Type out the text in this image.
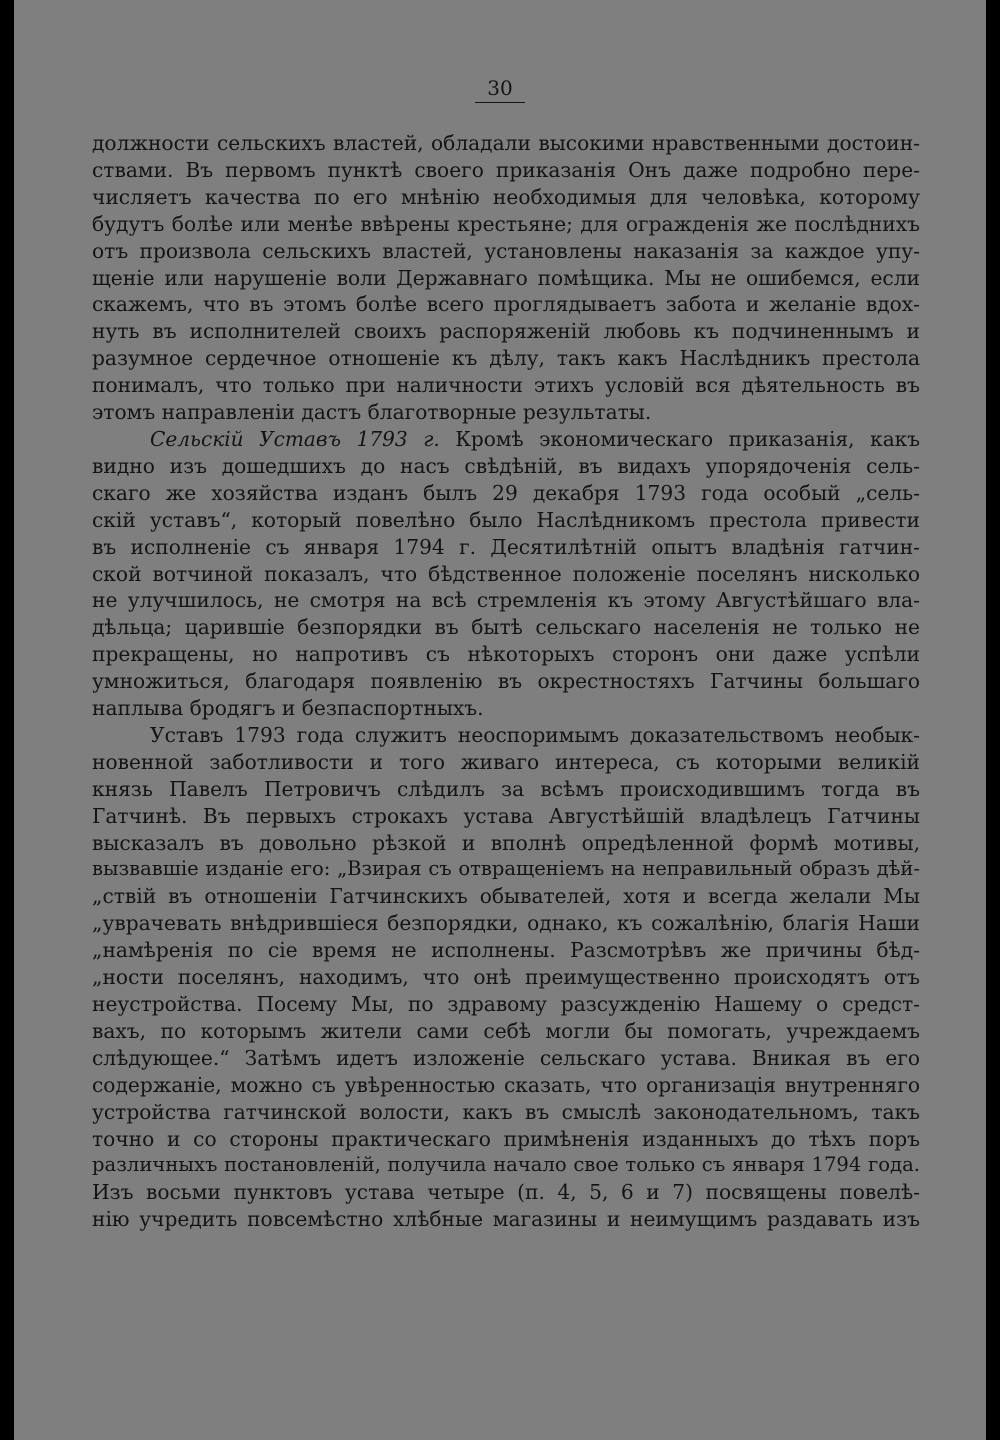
30
должности сельскихъ властей, обладали высокими нравственными достоин-
ствами. Въ первомъ пунктѣ своего приказанія Онъ даже подробно пере-
числяетъ качества по его мнѣнію необходимыя для человѣка, которому
будутъ болѣе или менѣе ввѣрены крестьяне; для огражденія же послѣднихъ
отъ произвола сельскихъ властей, установлены наказанія за каждое упу-
щеніе или нарушеніе воли Державнаго помѣщика. Мы не ошибемся, если
скажемъ, что въ этомъ болѣе всего проглядываетъ забота и желаніе вдох-
нуть въ исполнителей своихъ распоряженій любовь къ подчиненнымъ и
разумное сердечное отношеніе къ дѣлу, такъ какъ Наслѣдникъ престола
понималъ, что только при наличности этихъ условій вся дѣятельность въ
этомъ направленіи дастъ благотворные результаты.
Сельскій Уставъ 1793 г. Кромѣ экономическаго приказанія, какъ
видно изъ дошедшихъ до насъ свѣдѣній, въ видахъ упорядоченія сель-
скаго же хозяйства изданъ былъ 29 декабря 1793 года особый „сель-
скій уставъ“, который повелѣно было Наслѣдникомъ престола привести
въ исполненіе съ января 1794 г. Десятилѣтній опытъ владѣнія гатчин-
ской вотчиной показалъ, что бѣдственное положеніе поселянъ нисколько
не улучшилось, не смотря на всѣ стремленія къ этому Августѣйшаго вла-
дѣльца; царившіе безпорядки въ бытѣ сельскаго населенія не только не
прекращены, но напротивъ съ нѣкоторыхъ сторонъ они даже успѣли
умножиться, благодаря появленію въ окрестностяхъ Гатчины большаго
наплыва бродягъ и безпаспортныхъ.
Уставъ 1793 года служитъ неоспоримымъ доказательствомъ необык-
новенной заботливости и того живаго интереса, съ которыми великій
князь Павелъ Петровичъ слѣдилъ за всѣмъ происходившимъ тогда въ
Гатчинѣ. Въ первыхъ строкахъ устава Августѣйшій владѣлецъ Гатчины
высказалъ въ довольно рѣзкой и вполнѣ опредѣленной формѣ мотивы,
вызвавшіе изданіе его: „Взирая съ отвращеніемъ на неправильный образъ дѣй-
„ствій въ отношеніи Гатчинскихъ обывателей, хотя и всегда желали Мы
„уврачевать внѣдрившіеся безпорядки, однако, къ сожалѣнію, благія Наши
„намѣренія по сіе время не исполнены. Разсмотрѣвъ же причины бѣд-
„ности поселянъ, находимъ, что онѣ преимущественно происходятъ отъ
неустройства. Посему Мы, по здравому разсужденію Нашему о средст-
вахъ, по которымъ жители сами себѣ могли бы помогать, учреждаемъ
слѣдующее.“ Затѣмъ идетъ изложеніе сельскаго устава. Вникая въ его
содержаніе, можно съ увѣренностью сказать, что организація внутренняго
устройства гатчинской волости, какъ въ смыслѣ законодательномъ, такъ
точно и со стороны практическаго примѣненія изданныхъ до тѣхъ поръ
различныхъ постановленій, получила начало свое только съ января 1794 года.
Изъ восьми пунктовъ устава четыре (п. 4, 5, 6 и 7) посвящены повелѣ-
нію учредить повсемѣстно хлѣбные магазины и неимущимъ раздавать изъ
